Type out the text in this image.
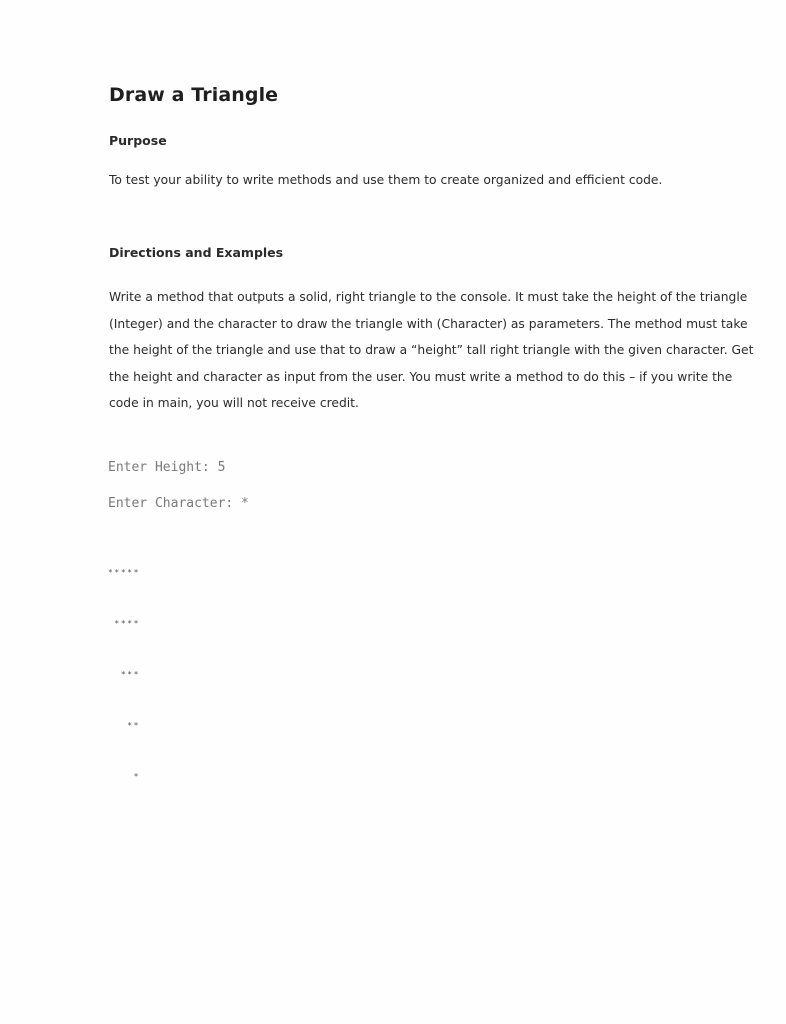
Draw a Triangle
Purpose
To test your ability to write methods and use them to create organized and efficient code.
Directions and Examples
Write a method that outputs a solid, right triangle to the console. It must take the height of the triangle
(Integer) and the character to draw the triangle with (Character) as parameters. The method must take
the height of the triangle and use that to draw a “height” tall right triangle with the given character. Get
the height and character as input from the user. You must write a method to do this – if you write the
code in main, you will not receive credit.
Enter Height: 5
Enter Character: *

*****

****

***

**

*
